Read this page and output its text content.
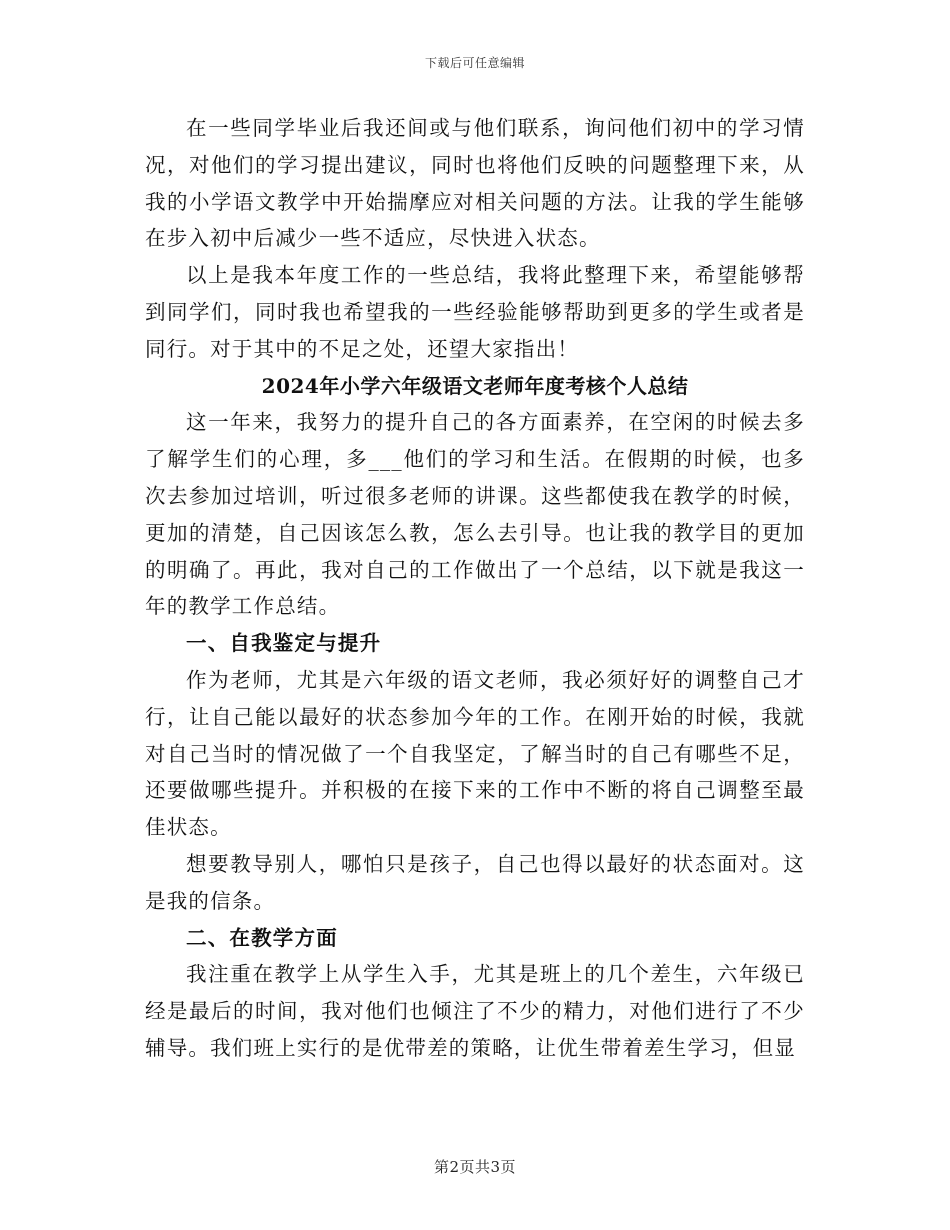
下载后可任意编辑

在一些同学毕业后我还间或与他们联系，询问他们初中的学习情况，对他们的学习提出建议，同时也将他们反映的问题整理下来，从我的小学语文教学中开始揣摩应对相关问题的方法。让我的学生能够在步入初中后减少一些不适应，尽快进入状态。

以上是我本年度工作的一些总结，我将此整理下来，希望能够帮到同学们，同时我也希望我的一些经验能够帮助到更多的学生或者是同行。对于其中的不足之处，还望大家指出！

2024年小学六年级语文老师年度考核个人总结

这一年来，我努力的提升自己的各方面素养，在空闲的时候去多了解学生们的心理，多___他们的学习和生活。在假期的时候，也多次去参加过培训，听过很多老师的讲课。这些都使我在教学的时候，更加的清楚，自己因该怎么教，怎么去引导。也让我的教学目的更加的明确了。再此，我对自己的工作做出了一个总结，以下就是我这一年的教学工作总结。

一、自我鉴定与提升

作为老师，尤其是六年级的语文老师，我必须好好的调整自己才行，让自己能以最好的状态参加今年的工作。在刚开始的时候，我就对自己当时的情况做了一个自我坚定，了解当时的自己有哪些不足，还要做哪些提升。并积极的在接下来的工作中不断的将自己调整至最佳状态。

想要教导别人，哪怕只是孩子，自己也得以最好的状态面对。这是我的信条。

二、在教学方面

我注重在教学上从学生入手，尤其是班上的几个差生，六年级已经是最后的时间，我对他们也倾注了不少的精力，对他们进行了不少辅导。我们班上实行的是优带差的策略，让优生带着差生学习，但显

第2页共3页
